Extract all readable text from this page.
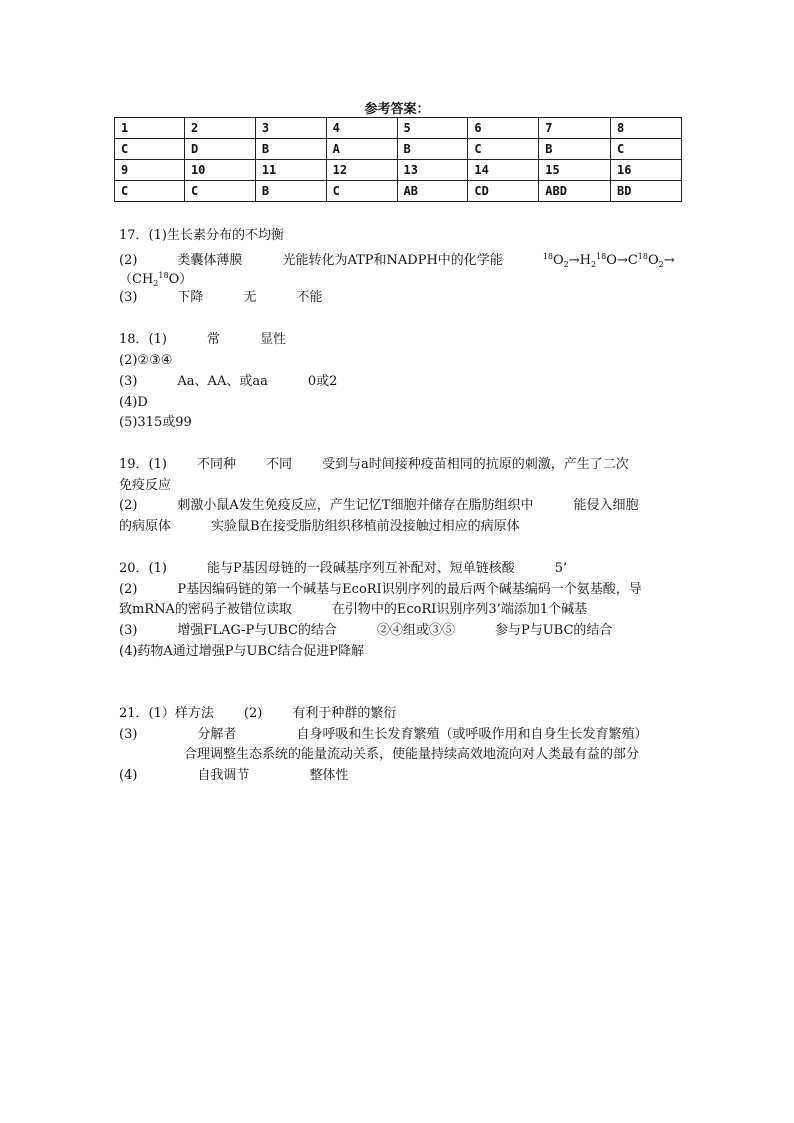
参考答案：
1	2	3	4	5	6	7	8
C	D	B	A	B	C	B	C
9	10	11	12	13	14	15	16
C	C	B	C	AB	CD	ABD	BD
17．(1)生长素分布的不均衡
(2)	类囊体薄膜	光能转化为ATP和NADPH中的化学能	$^{18}O_2\to H_2^{18}O\to C^{18}O_2\to$
$(CH_2^{18}O)$
(3)	下降	无	不能
18．(1)	常	显性
(2)②③④
(3)	Aa、AA、或aa	0或2
(4)D
(5)315或99
19．(1) 不同种 不同 受到与a时间接种疫苗相同的抗原的刺激，产生了二次
免疫反应
(2)	刺激小鼠A发生免疫反应，产生记忆T细胞并储存在脂肪组织中	能侵入细胞
的病原体	实验鼠B在接受脂肪组织移植前没接触过相应的病原体
20．(1)	能与P基因母链的一段碱基序列互补配对、短单链核酸	5’
(2)	P基因编码链的第一个碱基与EcoRⅠ识别序列的最后两个碱基编码一个氨基酸，导
致mRNA的密码子被错位读取	在引物中的EcoRⅠ识别序列3’端添加1个碱基
(3)	增强FLAG-P与UBC的结合	②④组或③⑤	参与P与UBC的结合
(4)药物A通过增强P与UBC结合促进P降解
21．(1）样方法 (2) 有利于种群的繁衍
(3)	分解者	自身呼吸和生长发育繁殖（或呼吸作用和自身生长发育繁殖）
合理调整生态系统的能量流动关系，使能量持续高效地流向对人类最有益的部分
(4)	自我调节	整体性
